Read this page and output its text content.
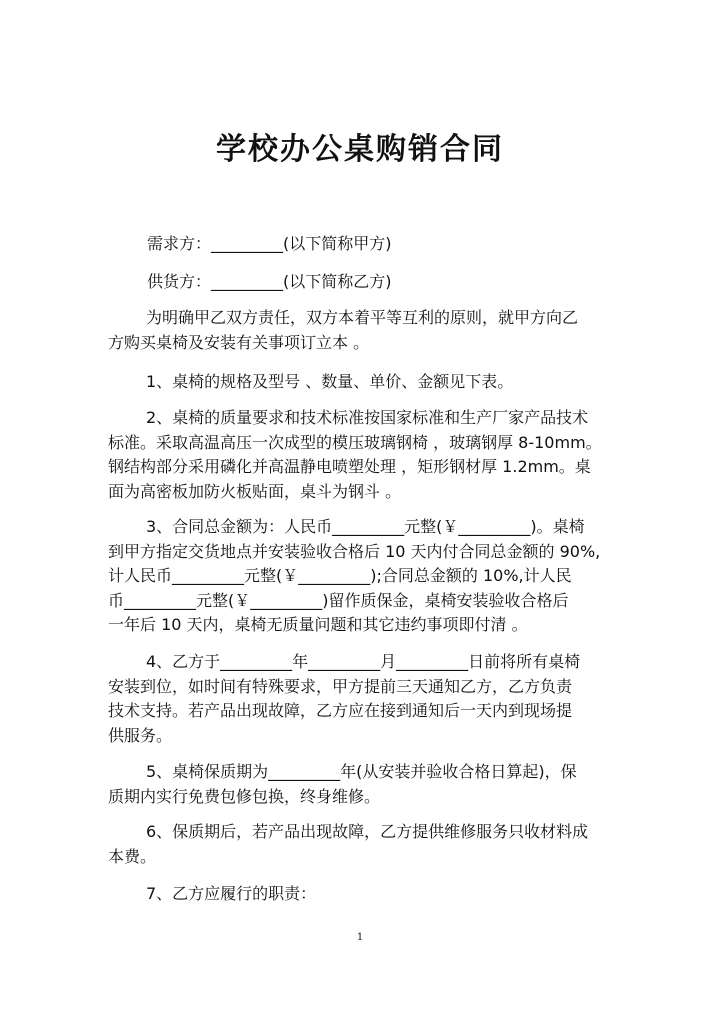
学校办公桌购销合同
需求方：_________(以下简称甲方)
供货方：_________(以下简称乙方)
为明确甲乙双方责任，双方本着平等互利的原则，就甲方向乙
方购买桌椅及安装有关事项订立本 。
1、桌椅的规格及型号 、数量、单价、金额见下表。
2、桌椅的质量要求和技术标准按国家标准和生产厂家产品技术
标准。采取高温高压一次成型的模压玻璃钢椅 ，玻璃钢厚 8-10mm。
钢结构部分采用磷化并高温静电喷塑处理 ，矩形钢材厚 1.2mm。桌
面为高密板加防火板贴面，桌斗为钢斗 。
3、合同总金额为：人民币_________元整(￥_________)。桌椅
到甲方指定交货地点并安装验收合格后 10 天内付合同总金额的 90%,
计人民币_________元整(￥_________);合同总金额的 10%,计人民
币_________元整(￥_________)留作质保金，桌椅安装验收合格后
一年后 10 天内，桌椅无质量问题和其它违约事项即付清 。
4、乙方于_________年_________月_________日前将所有桌椅
安装到位，如时间有特殊要求，甲方提前三天通知乙方，乙方负责
技术支持。若产品出现故障，乙方应在接到通知后一天内到现场提
供服务。
5、桌椅保质期为_________年(从安装并验收合格日算起)，保
质期内实行免费包修包换，终身维修。
6、保质期后，若产品出现故障，乙方提供维修服务只收材料成
本费。
7、乙方应履行的职责：
1
